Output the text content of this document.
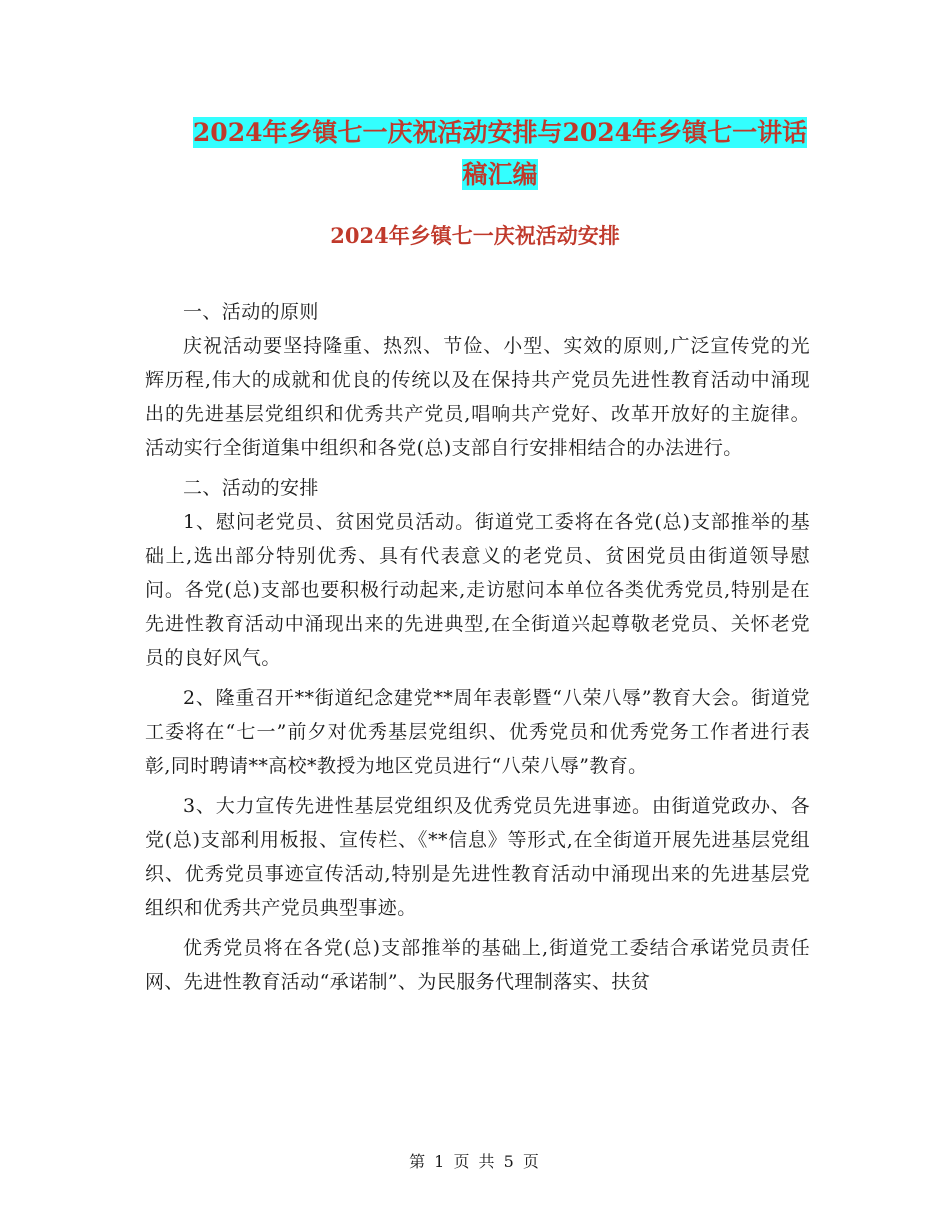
2024年乡镇七一庆祝活动安排与2024年乡镇七一讲话
稿汇编
2024年乡镇七一庆祝活动安排

一、活动的原则

庆祝活动要坚持隆重、热烈、节俭、小型、实效的原则,广泛宣传党的光辉历程,伟大的成就和优良的传统以及在保持共产党员先进性教育活动中涌现出的先进基层党组织和优秀共产党员,唱响共产党好、改革开放好的主旋律。活动实行全街道集中组织和各党(总)支部自行安排相结合的办法进行。

二、活动的安排

1、慰问老党员、贫困党员活动。街道党工委将在各党(总)支部推举的基础上,选出部分特别优秀、具有代表意义的老党员、贫困党员由街道领导慰问。各党(总)支部也要积极行动起来,走访慰问本单位各类优秀党员,特别是在先进性教育活动中涌现出来的先进典型,在全街道兴起尊敬老党员、关怀老党员的良好风气。

2、隆重召开**街道纪念建党**周年表彰暨“八荣八辱”教育大会。街道党工委将在“七一”前夕对优秀基层党组织、优秀党员和优秀党务工作者进行表彰,同时聘请**高校*教授为地区党员进行“八荣八辱”教育。

3、大力宣传先进性基层党组织及优秀党员先进事迹。由街道党政办、各党(总)支部利用板报、宣传栏、《**信息》等形式,在全街道开展先进基层党组织、优秀党员事迹宣传活动,特别是先进性教育活动中涌现出来的先进基层党组织和优秀共产党员典型事迹。

优秀党员将在各党(总)支部推举的基础上,街道党工委结合承诺党员责任网、先进性教育活动“承诺制”、为民服务代理制落实、扶贫

第 1 页 共 5 页
